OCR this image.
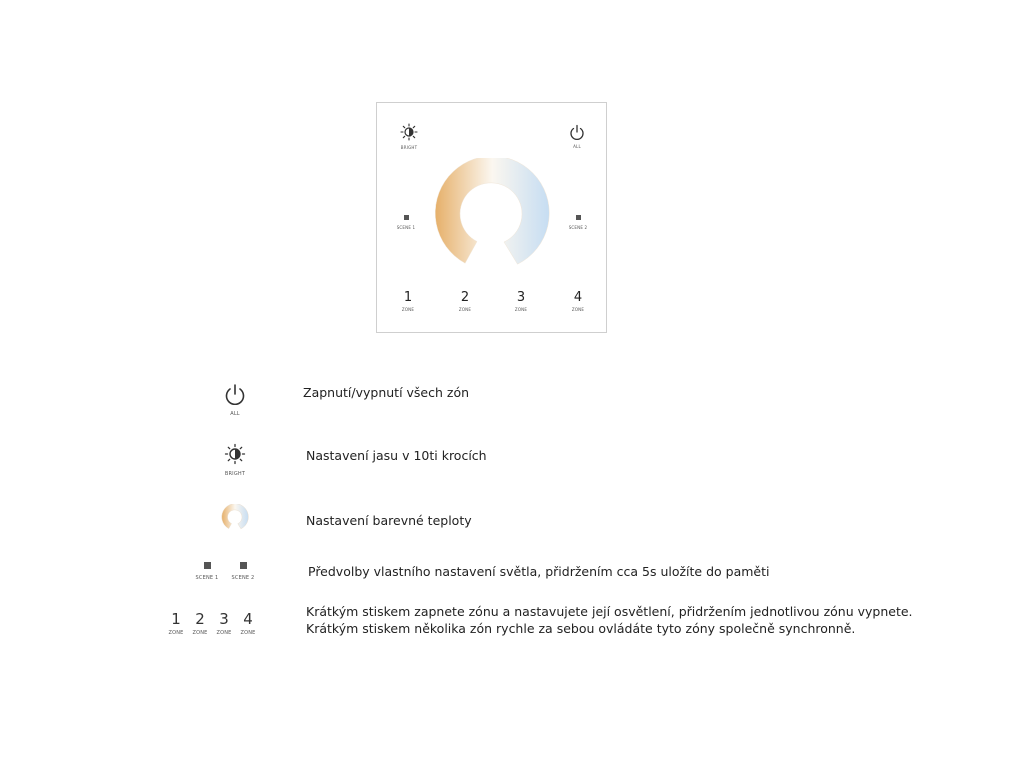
BRIGHT	ALL
SCENE 1	SCENE 2
1
ZONE
2
ZONE
3
ZONE
4
ZONE
ALL
Zapnutí/vypnutí všech zón
BRIGHT
Nastavení jasu v 10ti krocích
Nastavení barevné teploty
SCENE 1	SCENE 2	Předvolby vlastního nastavení světla, přidržením cca 5s uložíte do paměti
1
ZONE
2
ZONE
3
ZONE
4
ZONE
Krátkým stiskem zapnete zónu a nastavujete její osvětlení, přidržením jednotlivou zónu vypnete.
Krátkým stiskem několika zón rychle za sebou ovládáte tyto zóny společně synchronně.
